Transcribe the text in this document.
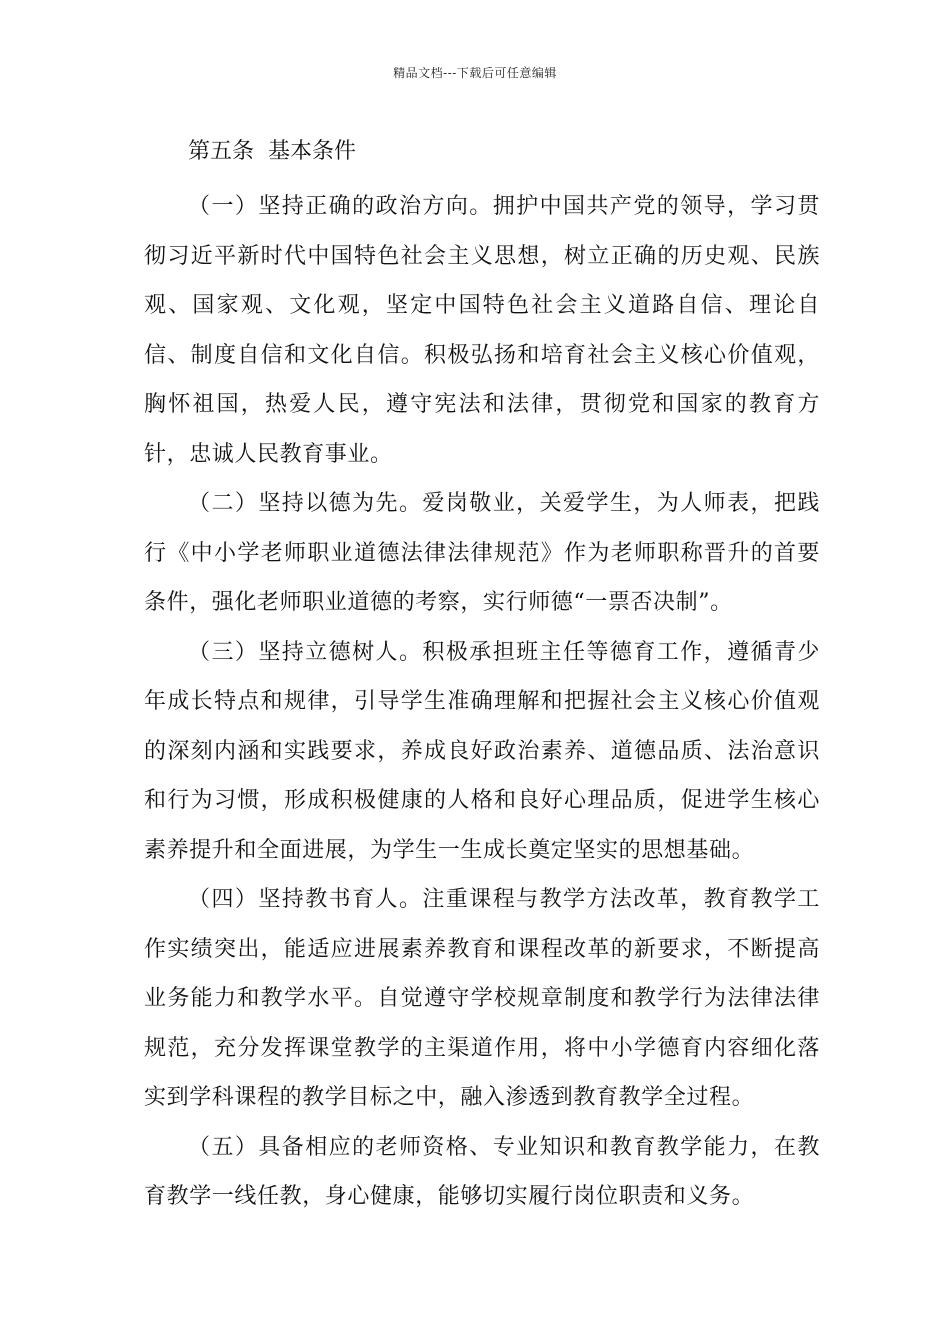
精品文档---下载后可任意编辑
第五条  基本条件

（一）坚持正确的政治方向。拥护中国共产党的领导，学习贯彻习近平新时代中国特色社会主义思想，树立正确的历史观、民族观、国家观、文化观，坚定中国特色社会主义道路自信、理论自信、制度自信和文化自信。积极弘扬和培育社会主义核心价值观，胸怀祖国，热爱人民，遵守宪法和法律，贯彻党和国家的教育方针，忠诚人民教育事业。

（二）坚持以德为先。爱岗敬业，关爱学生，为人师表，把践行《中小学老师职业道德法律法律规范》作为老师职称晋升的首要条件，强化老师职业道德的考察，实行师德“一票否决制”。

（三）坚持立德树人。积极承担班主任等德育工作，遵循青少年成长特点和规律，引导学生准确理解和把握社会主义核心价值观的深刻内涵和实践要求，养成良好政治素养、道德品质、法治意识和行为习惯，形成积极健康的人格和良好心理品质，促进学生核心素养提升和全面进展，为学生一生成长奠定坚实的思想基础。

（四）坚持教书育人。注重课程与教学方法改革，教育教学工作实绩突出，能适应进展素养教育和课程改革的新要求，不断提高业务能力和教学水平。自觉遵守学校规章制度和教学行为法律法律规范，充分发挥课堂教学的主渠道作用，将中小学德育内容细化落实到学科课程的教学目标之中，融入渗透到教育教学全过程。

（五）具备相应的老师资格、专业知识和教育教学能力，在教育教学一线任教，身心健康，能够切实履行岗位职责和义务。
